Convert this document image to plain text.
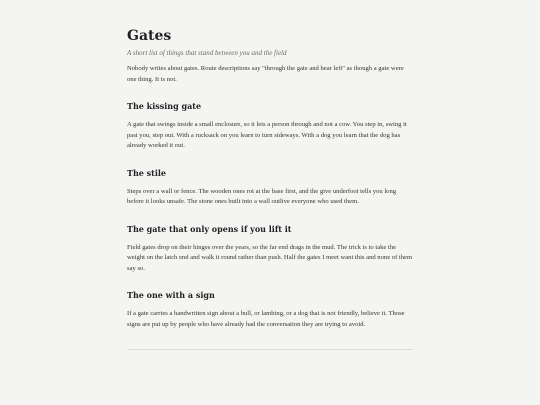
Gates

A short list of things that stand between you and the field

Nobody writes about gates. Route descriptions say "through the gate and bear left" as though a gate were one thing. It is not.

The kissing gate

A gate that swings inside a small enclosure, so it lets a person through and not a cow. You step in, swing it past you, step out. With a rucksack on you learn to turn sideways. With a dog you learn that the dog has already worked it out.

The stile

Steps over a wall or fence. The wooden ones rot at the base first, and the give underfoot tells you long before it looks unsafe. The stone ones built into a wall outlive everyone who used them.

The gate that only opens if you lift it

Field gates drop on their hinges over the years, so the far end drags in the mud. The trick is to take the weight on the latch end and walk it round rather than push. Half the gates I meet want this and none of them say so.

The one with a sign

If a gate carries a handwritten sign about a bull, or lambing, or a dog that is not friendly, believe it. Those signs are put up by people who have already had the conversation they are trying to avoid.
